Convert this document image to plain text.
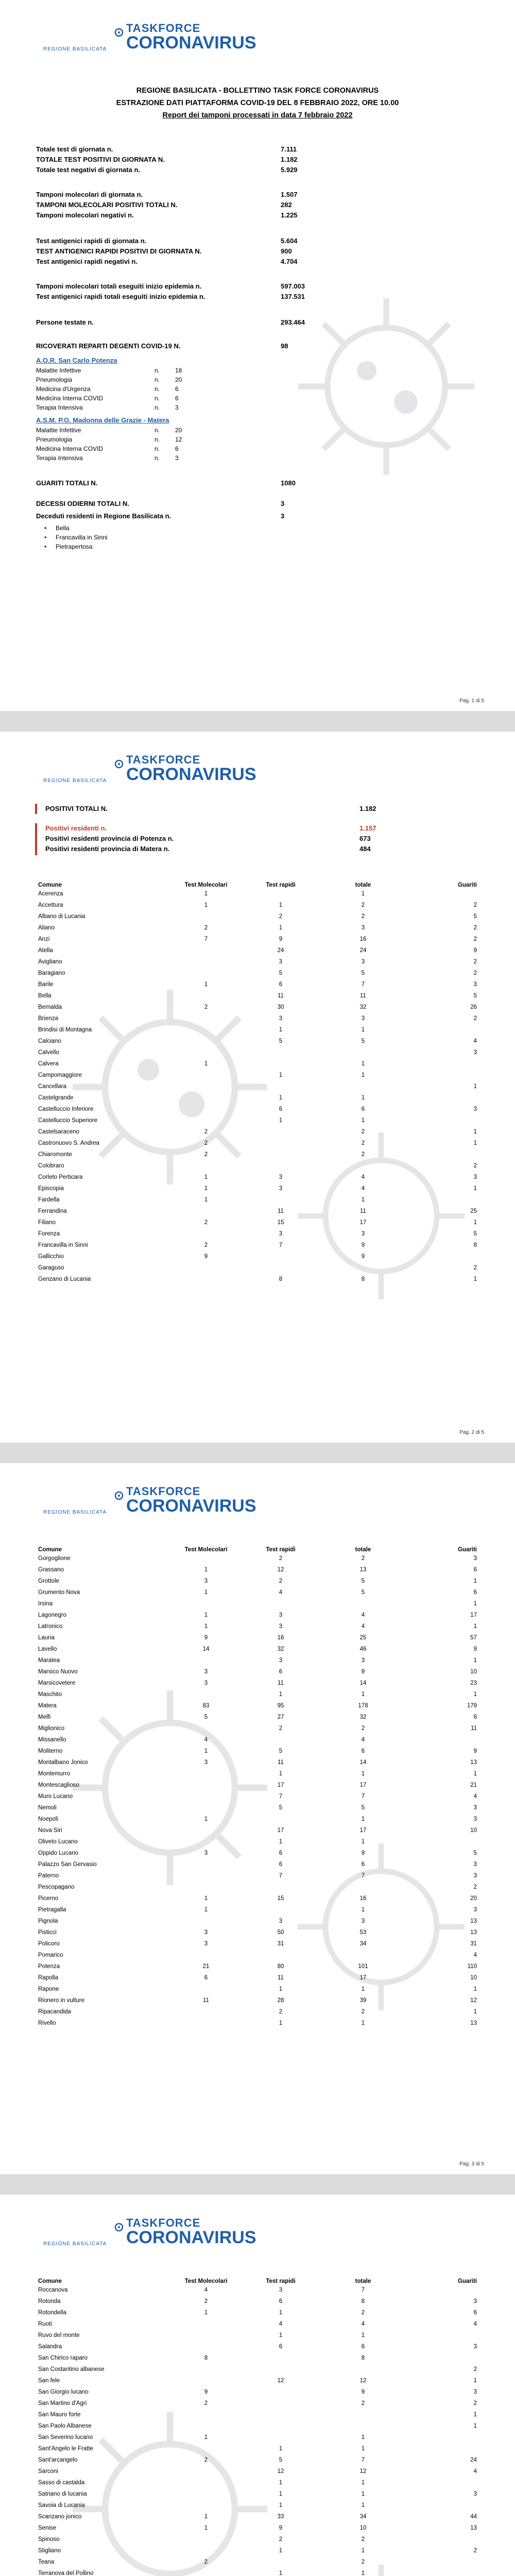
TASKFORCE
CORONAVIRUS
REGIONE BASILICATA
REGIONE BASILICATA - BOLLETTINO TASK FORCE CORONAVIRUS
ESTRAZIONE DATI PIATTAFORMA COVID-19 DEL 8 FEBBRAIO 2022, ORE 10.00
Report dei tamponi processati in data 7 febbraio 2022
Totale test di giornata n.	7.111
TOTALE TEST POSITIVI DI GIORNATA N.	1.182
Totale test negativi di giornata n.	5.929
Tamponi molecolari di giornata n.	1.507
TAMPONI MOLECOLARI POSITIVI TOTALI N.	282
Tamponi molecolari negativi n.	1.225
Test antigenici rapidi di giornata n.	5.604
TEST ANTIGENICI RAPIDI POSITIVI DI GIORNATA N.	900
Test antigenici rapidi negativi n.	4.704
Tamponi molecolari totali eseguiti inizio epidemia n.	597.003
Test antigenici rapidi totali eseguiti inizio epidemia n.	137.531
Persone testate n.	293.464
RICOVERATI REPARTI DEGENTI COVID-19 N.	98
A.O.R. San Carlo Potenza
Malattie Infettive	n. 18
Pneumologia	n. 20
Medicina d'Urgenza	n. 6
Medicina Interna COVID	n. 6
Terapia Intensiva	n. 3
A.S.M. P.O. Madonna delle Grazie - Matera
Malattie Infettive	n. 20
Pneumologia	n. 12
Medicina Interna COVID	n. 6
Terapia Intensiva	n. 3
GUARITI TOTALI N.	1080
DECESSI ODIERNI TOTALI N.	3
Deceduti residenti in Regione Basilicata n.	3
• Bella
• Francavilla in Sinni
• Pietrapertosa
Pag. 1 di 5
TASKFORCE
CORONAVIRUS
REGIONE BASILICATA
POSITIVI TOTALI N.	1.182
Positivi residenti n.	1.157
Positivi residenti provincia di Potenza n.	673
Positivi residenti provincia di Matera n.	484
Comune	Test Molecolari	Test rapidi	totale	Guariti
Acerenza	1		1	
Accettura	1	1	2	2
Albano di Lucania		2	2	5
Aliano	2	1	3	2
Anzi	7	9	16	2
Atella		24	24	9
Avigliano		3	3	2
Baragiano		5	5	2
Barile	1	6	7	3
Bella		11	11	5
Bernalda	2	30	32	26
Brienza		3	3	2
Brindisi di Montagna		1	1	
Calciano		5	5	4
Calvello				3
Calvera	1		1	
Campomaggiore		1	1	
Cancellara				1
Castelgrande		1	1	
Castelluccio Inferiore		6	6	3
Castelluccio Superiore		1	1	
Castelsaraceno	2		2	1
Castronuovo S. Andrea	2		2	1
Chiaromonte	2		2	
Colobraro				2
Corleto Perticara	1	3	4	3
Episcopia	1	3	4	1
Fardella	1		1	
Ferrandina		11	11	25
Filiano	2	15	17	1
Forenza		3	3	5
Francavilla in Sinni	2	7	9	8
Gallicchio	9		9	
Garaguso				2
Genzano di Lucania		8	8	1
Pag. 2 di 5
TASKFORCE
CORONAVIRUS
REGIONE BASILICATA
Comune	Test Molecolari	Test rapidi	totale	Guariti
Gorgoglione		2	2	3
Grassano	1	12	13	6
Grottole	3	2	5	1
Grumento Nova	1	4	5	6
Irsina				1
Lagonegro	1	3	4	17
Latronico	1	3	4	1
Lauria	9	16	25	57
Lavello	14	32	46	9
Maratea		3	3	1
Marsico Nuovo	3	6	9	10
Marsicovetere	3	11	14	23
Maschito		1	1	1
Matera	83	95	178	179
Melfi	5	27	32	6
Miglionico		2	2	11
Missanello	4		4	
Moliterno	1	5	6	9
Montalbano Jonico	3	11	14	13
Montemurro		1	1	1
Montescaglioso		17	17	21
Muro Lucano		7	7	4
Nemoli		5	5	3
Noepoli	1		1	3
Nova Siri		17	17	10
Oliveto Lucano		1	1	
Oppido Lucano	3	6	9	5
Palazzo San Gervasio		6	6	3
Paterno		7	7	3
Pescopagano				2
Picerno	1	15	16	20
Pietragalla	1		1	3
Pignola		3	3	13
Pisticci	3	50	53	13
Policoro	3	31	34	31
Pomarico				4
Potenza	21	80	101	110
Rapolla	6	11	17	10
Rapone		1	1	1
Rionero in vulture	11	28	39	12
Ripacandida		2	2	1
Rivello		1	1	13
Pag. 3 di 5
TASKFORCE
CORONAVIRUS
REGIONE BASILICATA
Comune	Test Molecolari	Test rapidi	totale	Guariti
Roccanova	4	3	7	
Rotonda	2	6	8	3
Rotondella	1	1	2	6
Ruoti		4	4	4
Ruvo del monte		1	1	
Salandra		6	6	3
San Chirico raparo	8		8	
San Costantino albanese				2
San fele		12	12	1
San Giorgio lucano	9		9	3
San Martino d'Agri	2		2	2
San Mauro forte				1
San Paolo Albanese				1
San Severino lucano	1		1	
Sant'Angelo le Fratte		1	1	
Sant'arcangelo	2	5	7	24
Sarconi		12	12	4
Sasso di castalda		1	1	
Satriano di lucania		1	1	3
Savoia di Lucania		1	1	
Scanzano jonico	1	33	34	44
Senise	1	9	10	13
Spinoso		2	2	
Stigliano		1	1	2
Teana	2		2	
Terranova del Pollino		1	1	
